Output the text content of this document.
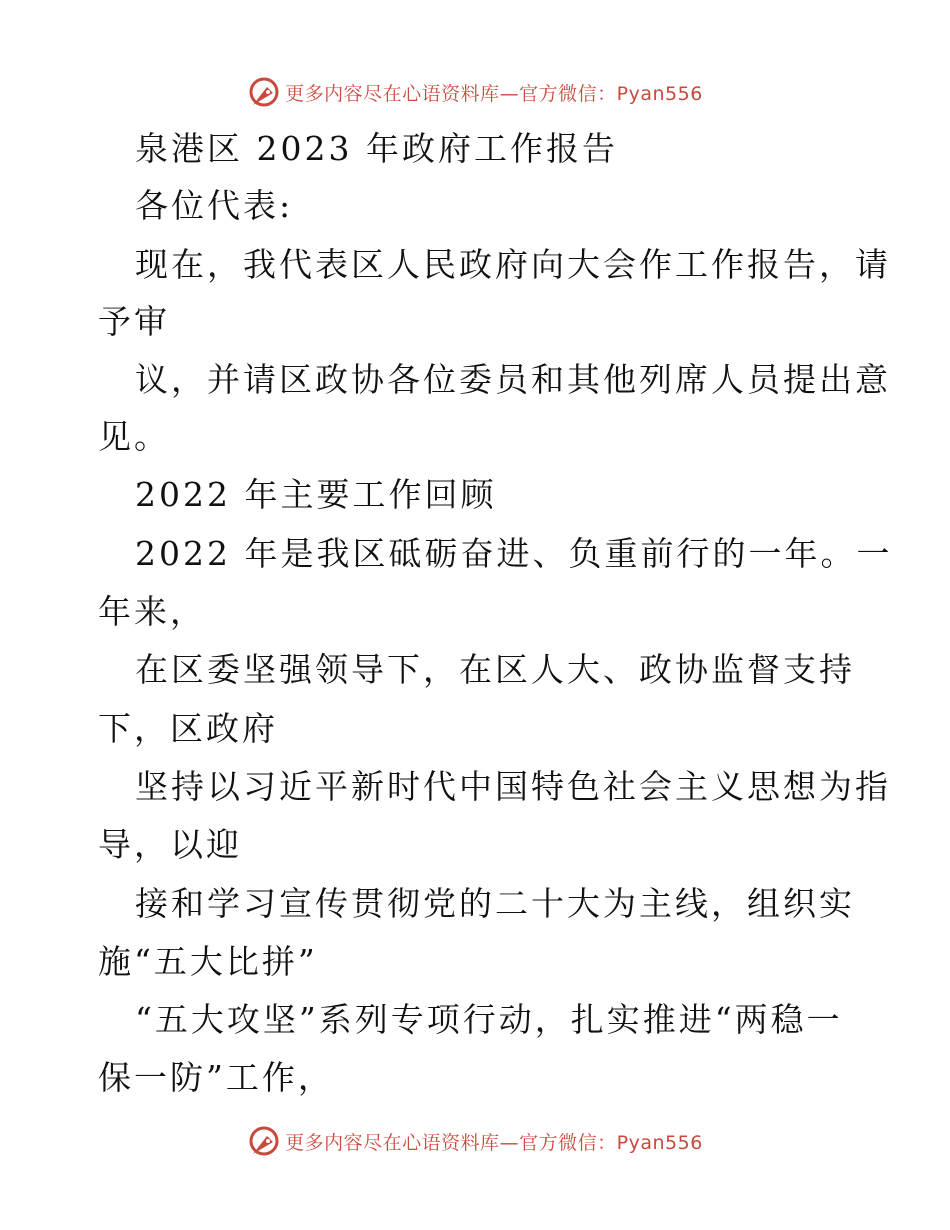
更多内容尽在心语资料库—官方微信：Pyan556
泉港区 2023 年政府工作报告
各位代表:
现在，我代表区人民政府向大会作工作报告，请
予审
议，并请区政协各位委员和其他列席人员提出意
见。
2022 年主要工作回顾
2022 年是我区砥砺奋进、负重前行的一年。一
年来，
在区委坚强领导下，在区人大、政协监督支持
下，区政府
坚持以习近平新时代中国特色社会主义思想为指
导，以迎
接和学习宣传贯彻党的二十大为主线，组织实
施“五大比拼”
“五大攻坚”系列专项行动，扎实推进“两稳一
保一防”工作，
更多内容尽在心语资料库—官方微信：Pyan556
